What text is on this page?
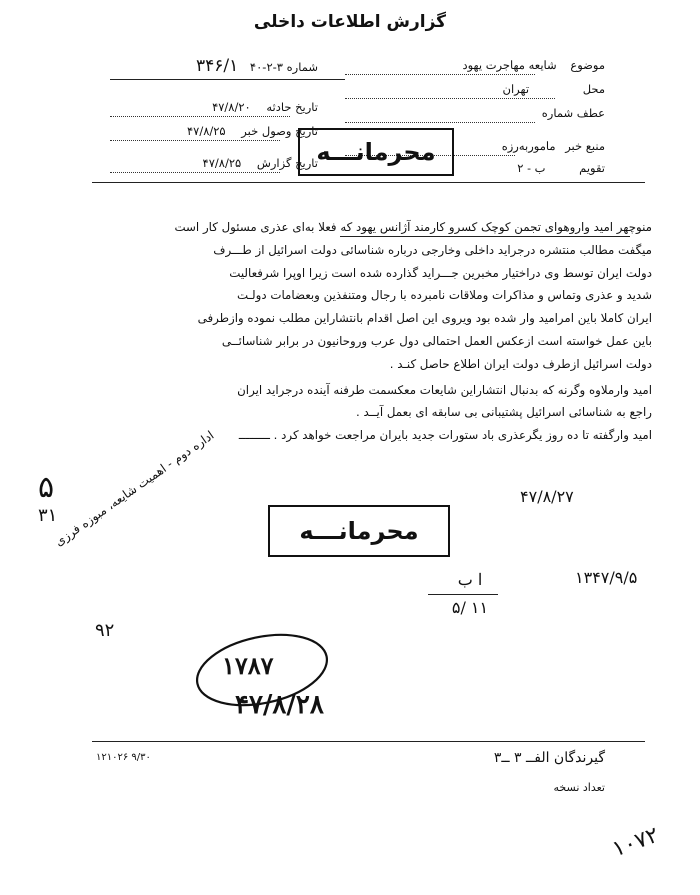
گزارش اطلاعات داخلی
موضوع شایعه مهاجرت یهود
محل تهران
عطف شماره
منبع خبر ماموربه‌رزه
تقویم ب - ۲
شماره ۳-۲-۴۰ ۳۴۶/۱
تاریخ حادثه ۴۷/۸/۲۰
تاریخ وصول خبر ۴۷/۸/۲۵
تاریخ گزارش ۴۷/۸/۲۵	محرمانـــه

منوچهر امید واروهوای تجمن کوچک کسرو کارمند آژانس یهود که فعلا به‌ای عذری مسئول کار است

میگفت مطالب منتشره درجراید داخلی وخارجی درباره شناسائی دولت اسرائیل از طـــرف

دولت ایران توسط وی دراختیار مخبرین جـــراید گذارده شده است زیرا اوپرا شرفعالیت

شدید و عذری وتماس و مذاکرات وملاقات نامبرده با رجال ومتنفذین وبعضامات دولـت

ایران کاملا باین امرامید وار شده بود ویروی این اصل اقدام بانتشاراین مطلب نموده وازطرفی

باین عمل خواسته است ازعکس العمل احتمالی دول عرب وروحانیون در برابر شناسائــی

دولت اسرائیل ازطرف دولت ایران اطلاع حاصل کنـد .

امید وارملاوه وگرنه که بدنبال انتشاراین شایعات معکسمت طرفنه آینده درجراید ایران

راجع به شناسائی اسرائیل پشتیبانی بی سابقه ای بعمل آیــد .

امید وارگفته تا ده روز یگرعذری باد ستورات جدید بایران مراجعت خواهد کرد . ـــــــــ

محرمانـــه
۵
۳۱
اداره دوم - اهمیت شایعه، مبوزه فرزی
۹۲
۴۷/۸/۲۷
۱۳۴۷/۹/۵
ا ب
۵/ ۱۱
۱۷۸۷
۴۷/۸/۲۸
۱۲۱۰۲۶ ۹/۳۰	گیرندگان الفــ ۳ ــ۳
تعداد نسخه
۱۰۷۲
